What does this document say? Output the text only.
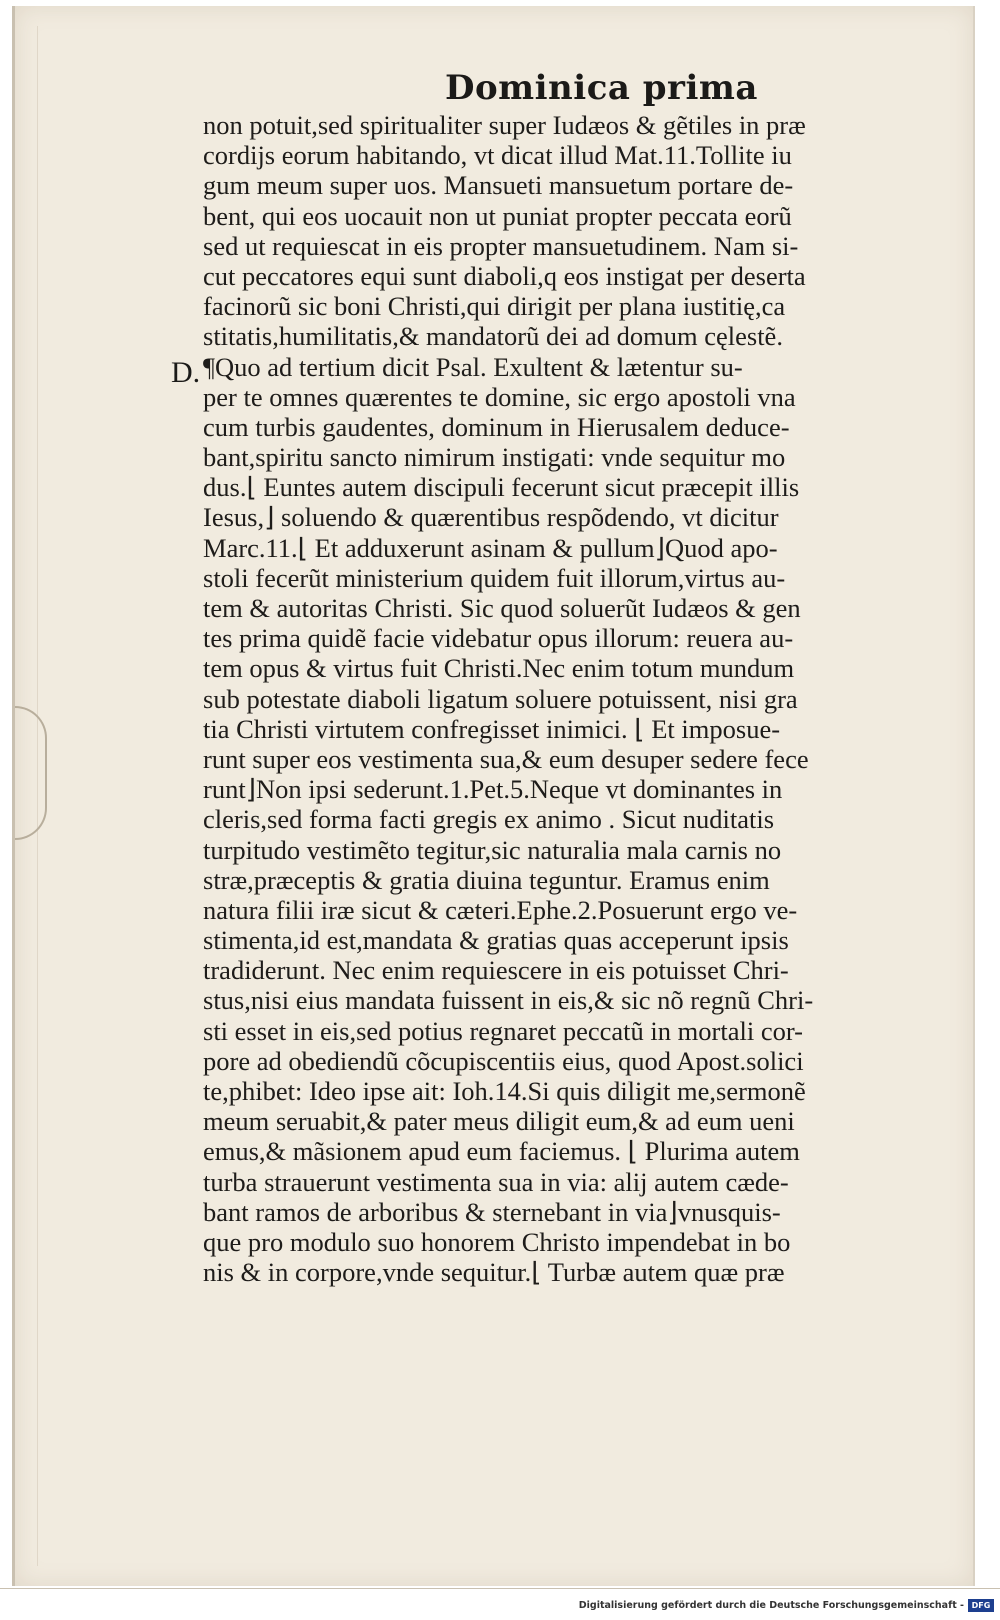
Dominica prima
D.
non potuit,sed spiritualiter super Iudæos & gẽtiles in præ
cordijs eorum habitando, vt dicat illud Mat.11.Tollite iu
gum meum super uos. Mansueti mansuetum portare de-
bent, qui eos uocauit non ut puniat propter peccata eorũ
sed ut requiescat in eis propter mansuetudinem. Nam si-
cut peccatores equi sunt diaboli,q eos instigat per deserta
facinorũ sic boni Christi,qui dirigit per plana iustitię,ca
stitatis,humilitatis,& mandatorũ dei ad domum cęlestẽ.
¶Quo ad tertium dicit Psal. Exultent & lætentur su-
per te omnes quærentes te domine, sic ergo apostoli vna
cum turbis gaudentes, dominum in Hierusalem deduce-
bant,spiritu sancto nimirum instigati: vnde sequitur mo
dus.⌊ Euntes autem discipuli fecerunt sicut præcepit illis
Iesus,⌋ soluendo & quærentibus respõdendo, vt dicitur
Marc.11.⌊ Et adduxerunt asinam & pullum⌋Quod apo-
stoli fecerũt ministerium quidem fuit illorum,virtus au-
tem & autoritas Christi. Sic quod soluerũt Iudæos & gen
tes prima quidẽ facie videbatur opus illorum: reuera au-
tem opus & virtus fuit Christi.Nec enim totum mundum
sub potestate diaboli ligatum soluere potuissent, nisi gra
tia Christi virtutem confregisset inimici. ⌊ Et imposue-
runt super eos vestimenta sua,& eum desuper sedere fece
runt⌋Non ipsi sederunt.1.Pet.5.Neque vt dominantes in
cleris,sed forma facti gregis ex animo . Sicut nuditatis
turpitudo vestimẽto tegitur,sic naturalia mala carnis no
stræ,præceptis & gratia diuina teguntur. Eramus enim
natura filii iræ sicut & cæteri.Ephe.2.Posuerunt ergo ve-
stimenta,id est,mandata & gratias quas acceperunt ipsis
tradiderunt. Nec enim requiescere in eis potuisset Chri-
stus,nisi eius mandata fuissent in eis,& sic nõ regnũ Chri-
sti esset in eis,sed potius regnaret peccatũ in mortali cor-
pore ad obediendũ cõcupiscentiis eius, quod Apost.solici
te,phibet: Ideo ipse ait: Ioh.14.Si quis diligit me,sermonẽ
meum seruabit,& pater meus diligit eum,& ad eum ueni
emus,& mãsionem apud eum faciemus. ⌊ Plurima autem
turba strauerunt vestimenta sua in via: alij autem cæde-
bant ramos de arboribus & sternebant in via⌋vnusquis-
que pro modulo suo honorem Christo impendebat in bo
nis & in corpore,vnde sequitur.⌊ Turbæ autem quæ præ
Digitalisierung gefördert durch die Deutsche Forschungsgemeinschaft - DFG
